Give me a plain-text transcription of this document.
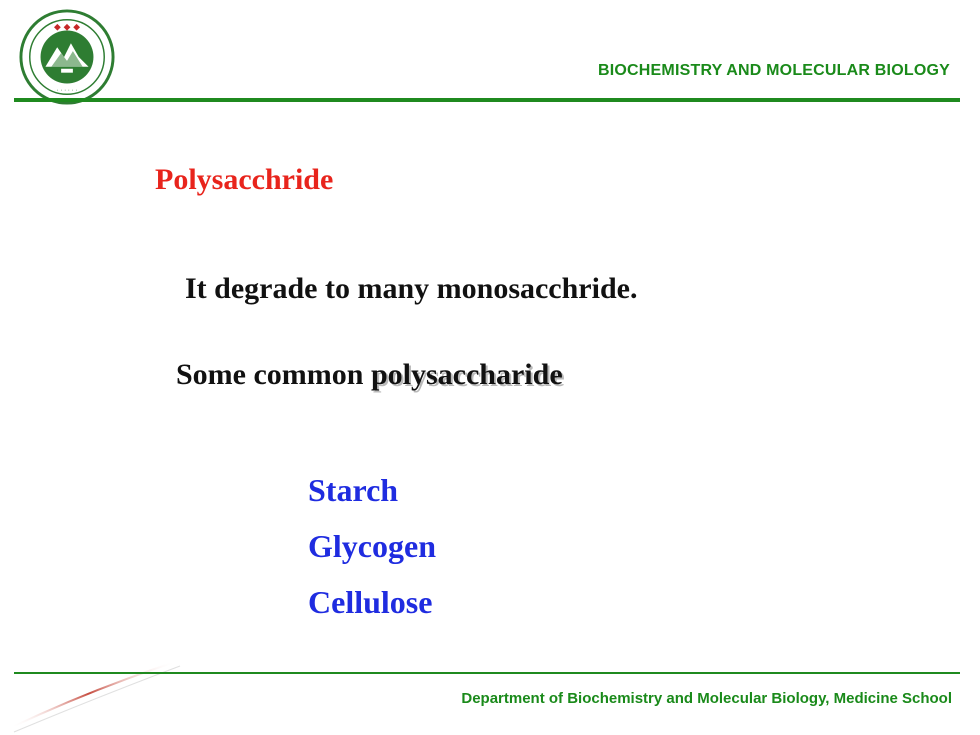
◆ ◆ ◆
· · · · · ·
BIOCHEMISTRY AND MOLECULAR BIOLOGY
Polysacchride
It degrade to many monosacchride.
Some common polysaccharide
Starch
Glycogen
Cellulose
Department of Biochemistry and Molecular Biology, Medicine School
